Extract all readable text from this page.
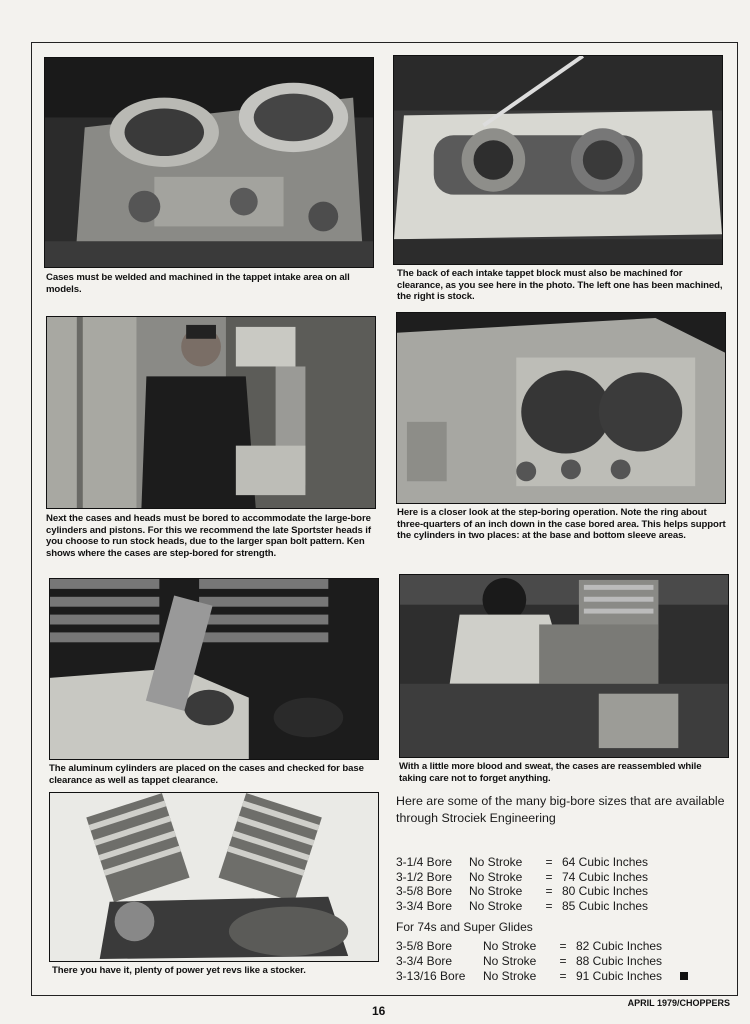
Cases must be welded and machined in the tappet intake area on all models.

The back of each intake tappet block must also be machined for clearance, as you see here in the photo. The left one has been machined, the right is stock.

Next the cases and heads must be bored to accommodate the large-bore cylinders and pistons. For this we recommend the late Sportster heads if you choose to run stock heads, due to the larger span bolt pattern. Ken shows where the cases are step-bored for strength.

Here is a closer look at the step-boring operation. Note the ring about three-quarters of an inch down in the case bored area. This helps support the cylinders in two places: at the base and bottom sleeve areas.

The aluminum cylinders are placed on the cases and checked for base clearance as well as tappet clearance.

With a little more blood and sweat, the cases are reassembled while taking care not to forget anything.

There you have it, plenty of power yet revs like a stocker.

Here are some of the many big-bore sizes that are available through Strociek Engineering

3-1/4 Bore	No Stroke	=	64 Cubic Inches
3-1/2 Bore	No Stroke	=	74 Cubic Inches
3-5/8 Bore	No Stroke	=	80 Cubic Inches
3-3/4 Bore	No Stroke	=	85 Cubic Inches

For 74s and Super Glides

3-5/8 Bore	No Stroke	=	82 Cubic Inches
3-3/4 Bore	No Stroke	=	88 Cubic Inches
3-13/16 Bore	No Stroke	=	91 Cubic Inches
16
APRIL 1979/CHOPPERS
